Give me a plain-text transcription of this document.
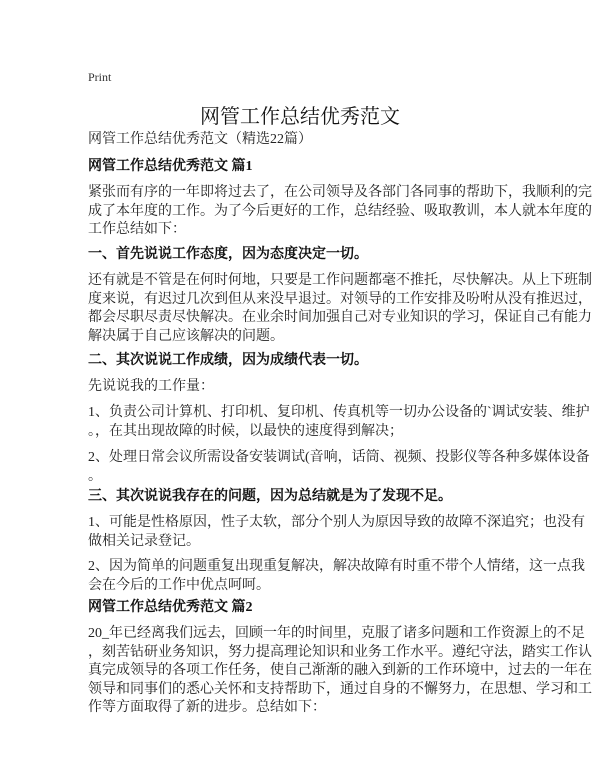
Print
网管工作总结优秀范文
网管工作总结优秀范文（精选22篇）
网管工作总结优秀范文 篇1
紧张而有序的一年即将过去了，在公司领导及各部门各同事的帮助下，我顺利的完
成了本年度的工作。为了今后更好的工作，总结经验、吸取教训，本人就本年度的
工作总结如下：
一、首先说说工作态度，因为态度决定一切。
还有就是不管是在何时何地，只要是工作问题都毫不推托，尽快解决。从上下班制
度来说，有迟过几次到但从来没早退过。对领导的工作安排及吩咐从没有推迟过，
都会尽职尽责尽快解决。在业余时间加强自己对专业知识的学习，保证自己有能力
解决属于自己应该解决的问题。
二、其次说说工作成绩，因为成绩代表一切。
先说说我的工作量：
1、负责公司计算机、打印机、复印机、传真机等一切办公设备的`调试安装、维护
。，在其出现故障的时候，以最快的速度得到解决；
2、处理日常会议所需设备安装调试(音响，话筒、视频、投影仪等各种多媒体设备
。
三、其次说说我存在的问题，因为总结就是为了发现不足。
1、可能是性格原因，性子太软，部分个别人为原因导致的故障不深追究；也没有
做相关记录登记。
2、因为简单的问题重复出现重复解决，解决故障有时重不带个人情绪，这一点我
会在今后的工作中优点呵呵。
网管工作总结优秀范文 篇2
20_年已经离我们远去，回顾一年的时间里，克服了诸多问题和工作资源上的不足
，刻苦钻研业务知识，努力提高理论知识和业务工作水平。遵纪守法，踏实工作认
真完成领导的各项工作任务，使自己渐渐的融入到新的工作环境中，过去的一年在
领导和同事们的悉心关怀和支持帮助下，通过自身的不懈努力，在思想、学习和工
作等方面取得了新的进步。总结如下：
